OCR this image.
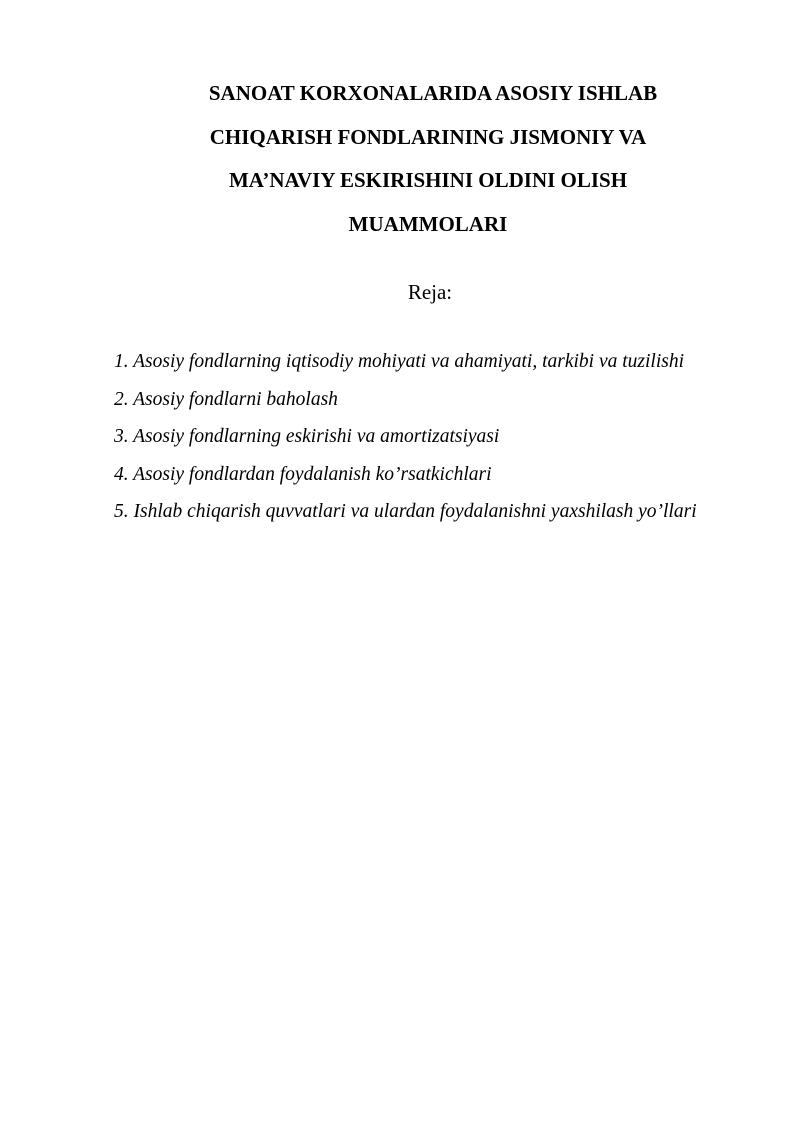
SANOAT KORXONALARIDA ASOSIY ISHLAB
CHIQARISH FONDLARINING JISMONIY VA
MA’NAVIY ESKIRISHINI OLDINI OLISH
MUAMMOLARI
Reja:
1. Asosiy fondlarning iqtisodiy mohiyati va ahamiyati, tarkibi va tuzilishi
2. Asosiy fondlarni baholash
3. Asosiy fondlarning eskirishi va amortizatsiyasi
4. Asosiy fondlardan foydalanish ko’rsatkichlari
5. Ishlab chiqarish quvvatlari va ulardan foydalanishni yaxshilash yo’llari
